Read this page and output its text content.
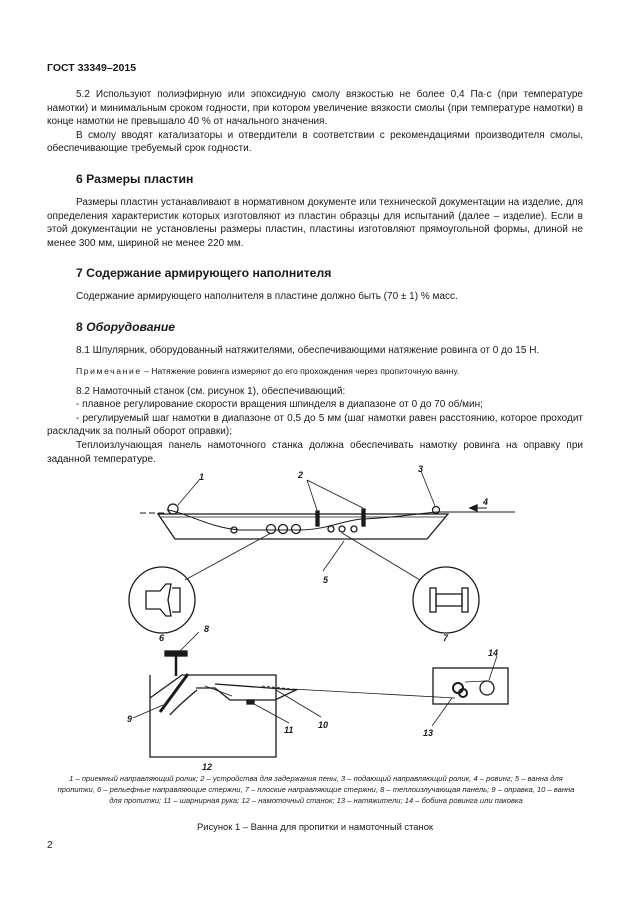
ГОСТ 33349–2015

5.2 Используют полиэфирную или эпоксидную смолу вязкостью не более 0,4 Па·с (при температуре намотки) и минимальным сроком годности, при котором увеличение вязкости смолы (при температуре намотки) в конце намотки не превышало 40 % от начального значения.

В смолу вводят катализаторы и отвердители в соответствии с рекомендациями производителя смолы, обеспечивающие требуемый срок годности.

6 Размеры пластин

Размеры пластин устанавливают в нормативном документе или технической документации на изделие, для определения характеристик которых изготовляют из пластин образцы для испытаний (далее – изделие). Если в этой документации не установлены размеры пластин, пластины изготовляют прямоугольной формы, длиной не менее 300 мм, шириной не менее 220 мм.

7 Содержание армирующего наполнителя

Содержание армирующего наполнителя в пластине должно быть (70 ± 1) % масс.

8 Оборудование

8.1 Шпулярник, оборудованный натяжителями, обеспечивающими натяжение ровинга от 0 до 15 Н.

Примечание – Натяжение ровинга измеряют до его прохождения через пропиточную ванну.

8.2 Намоточный станок (см. рисунок 1), обеспечивающий:

- плавное регулирование скорости вращения шпинделя в диапазоне от 0 до 70 об/мин;

- регулируемый шаг намотки в диапазоне от 0,5 до 5 мм (шаг намотки равен расстоянию, которое проходит раскладчик за полный оборот оправки);

Теплоизлучающая панель намоточного станка должна обеспечивать намотку ровинга на оправку при заданной температуре.

1	2
3
4
5
6	7
8
9
10
11
12
13
14
1 – приемный направляющий ролик; 2 – устройства для задержания пены, 3 – подающий направляющий ролик, 4 – ровинг; 5 – ванна для пропитки, 6 – рельефные направляющие стержни, 7 – плоские направляющие стержни, 8 – теплоизлучающая панель; 9 – оправка, 10 – ванна для пропитки; 11 – шарнирная рука; 12 – намоточный станок; 13 – натяжители; 14 – бобина ровинга или паковка
Рисунок 1 – Ванна для пропитки и намоточный станок
2
